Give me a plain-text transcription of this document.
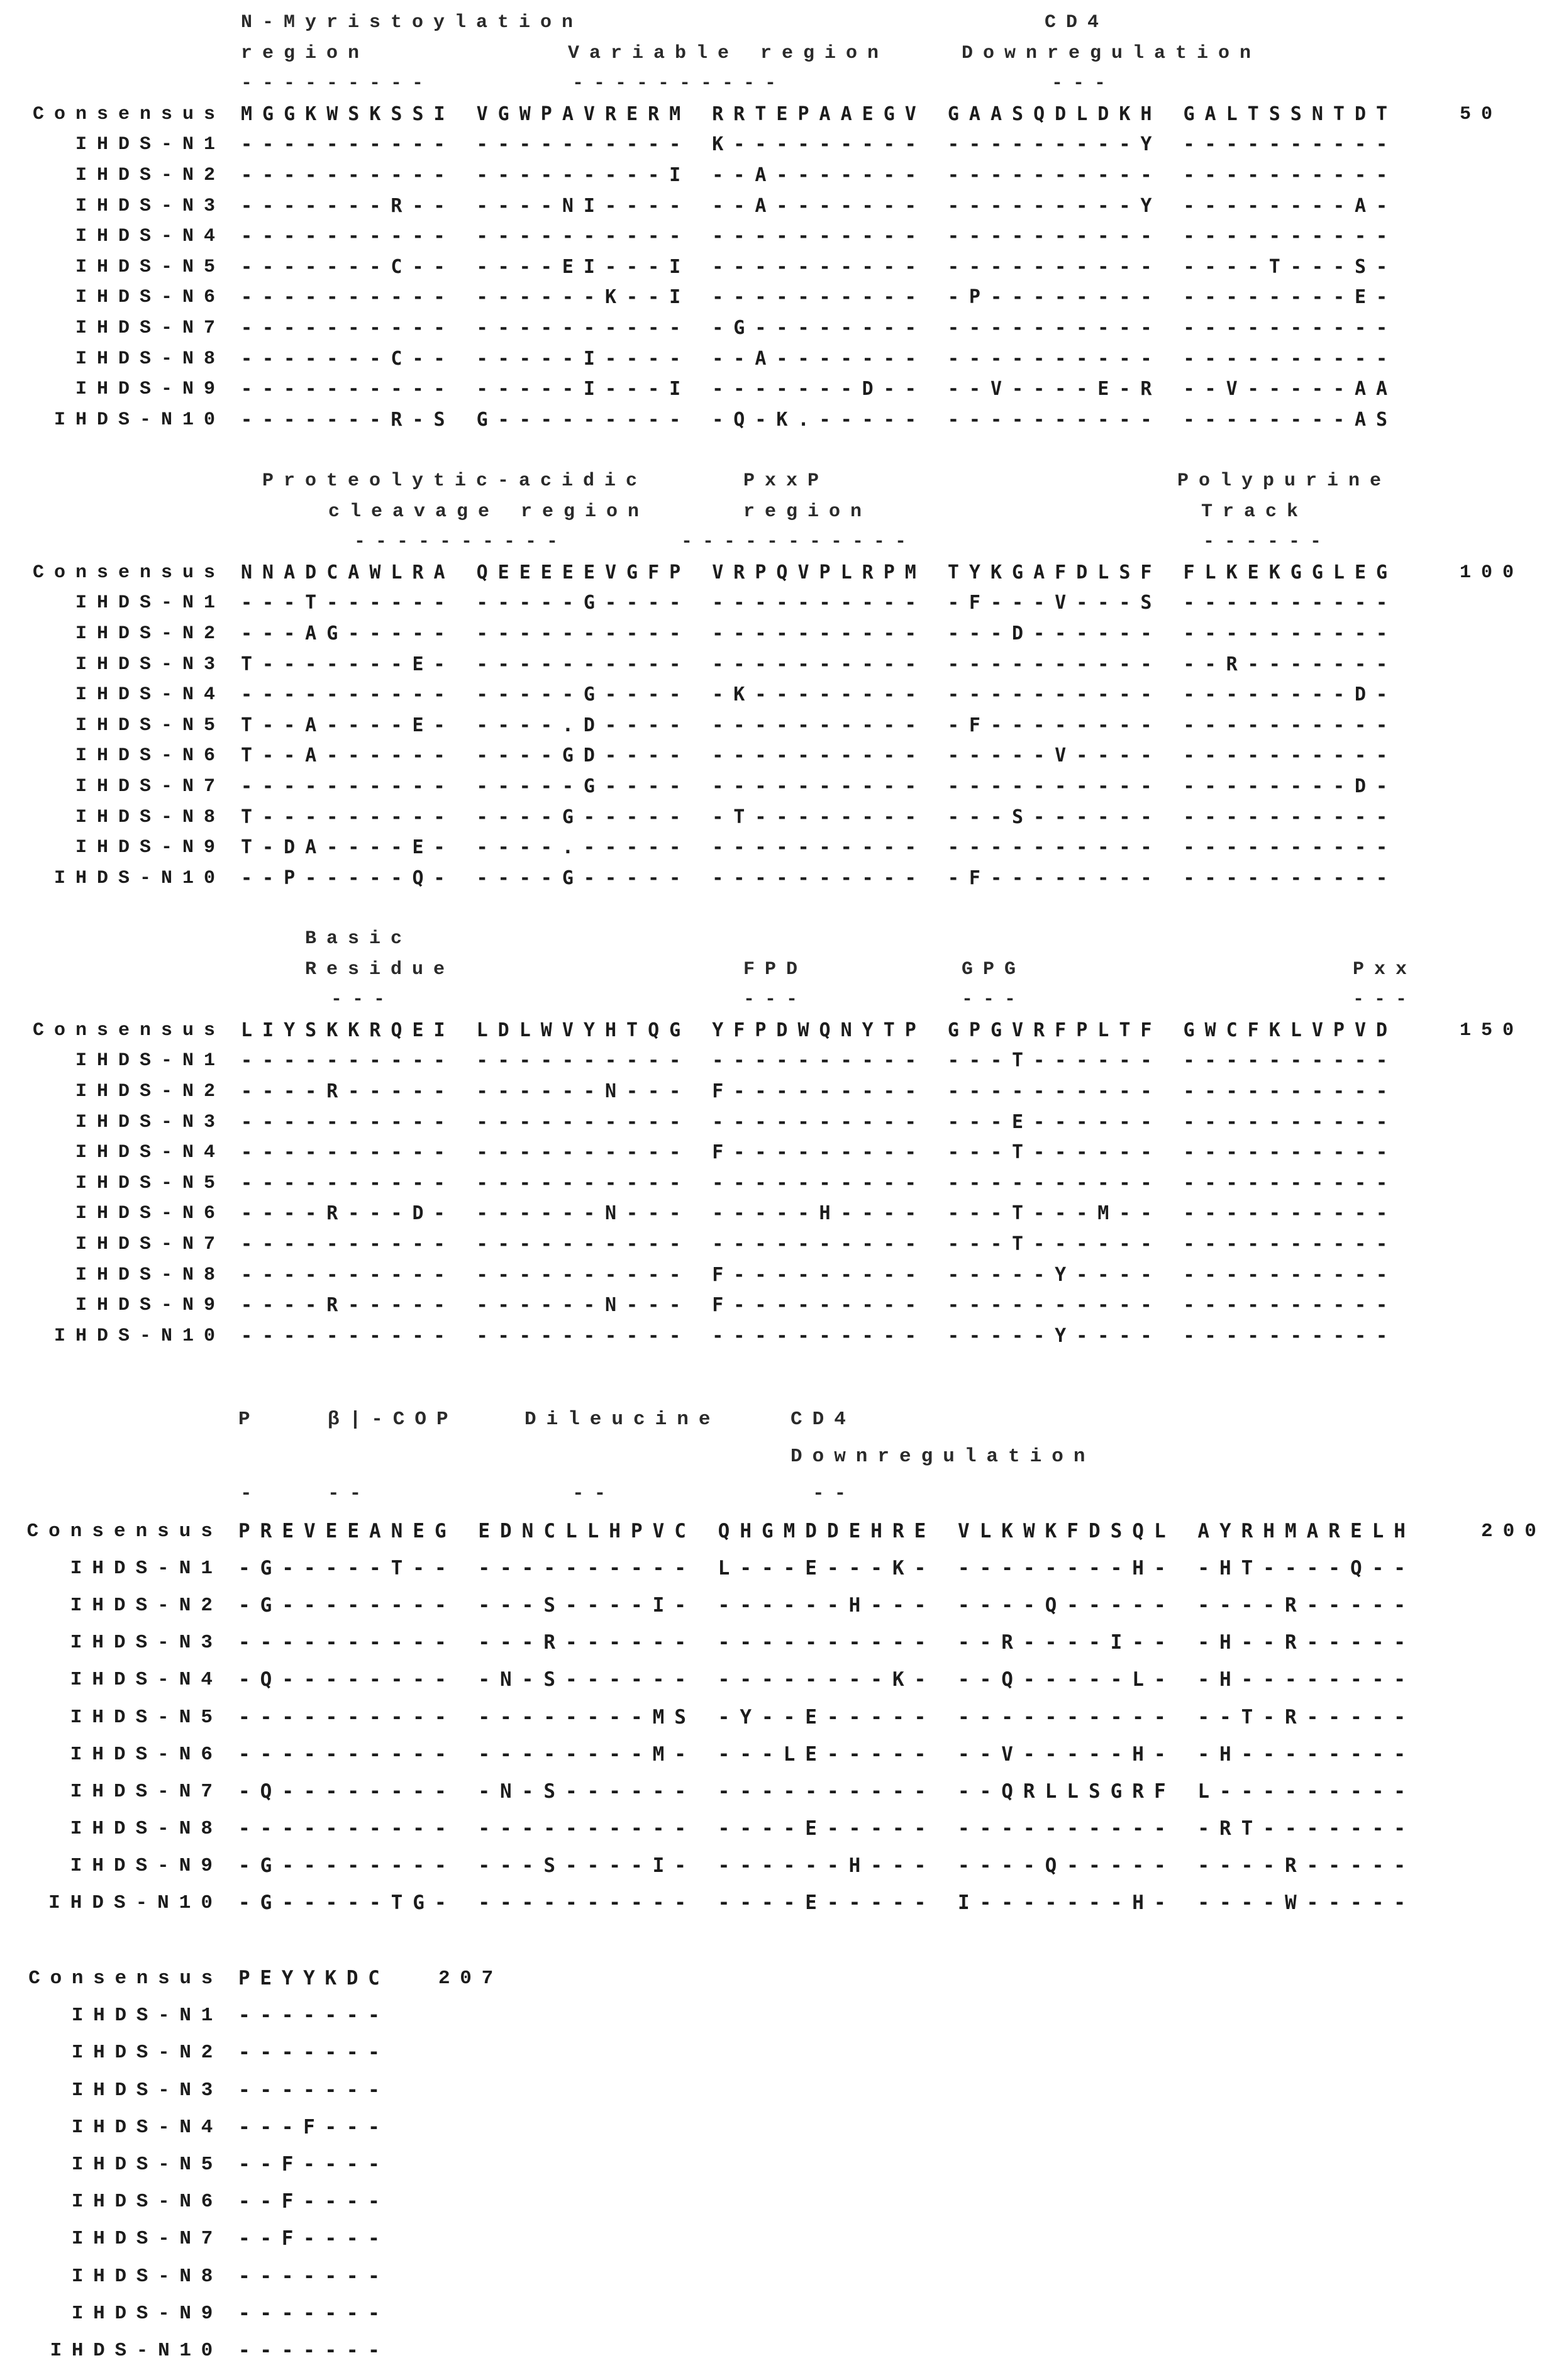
N-Myristoylation

	CD4

region

	Variable region

	Downregulation

---------

	----------

	---

Consensus MGGKWSKSSI VGWPAVRERM RRTEPAAEGV GAASQDLDKH GALTSSNTDT	50
IHDS-N1 ---------- ---------- K--------- ---------Y ----------
IHDS-N2 ---------- ---------I --A------- ---------- ----------
IHDS-N3 -------R-- ----NI---- --A------- ---------Y --------A-
IHDS-N4 ---------- ---------- ---------- ---------- ----------
IHDS-N5 -------C-- ----EI---I ---------- ---------- ----T---S-
IHDS-N6 ---------- ------K--I ---------- -P-------- --------E-
IHDS-N7 ---------- ---------- -G-------- ---------- ----------
IHDS-N8 -------C-- -----I---- --A------- ---------- ----------
IHDS-N9 ---------- -----I---I -------D-- --V----E-R --V-----AA
IHDS-N10 -------R-S G--------- -Q-K.----- ---------- --------AS

Proteolytic-acidic

	PxxP

	Polypurine

cleavage region

	region

	Track

----------

	-----------

	------

Consensus NNADCAWLRA QEEEEEVGFP VRPQVPLRPM TYKGAFDLSF FLKEKGGLEG	100
IHDS-N1 ---T------ -----G---- ---------- -F---V---S ----------
IHDS-N2 ---AG----- ---------- ---------- ---D------ ----------
IHDS-N3 T-------E- ---------- ---------- ---------- --R-------
IHDS-N4 ---------- -----G---- -K-------- ---------- --------D-
IHDS-N5 T--A----E- ----.D---- ---------- -F-------- ----------
IHDS-N6 T--A------ ----GD---- ---------- -----V---- ----------
IHDS-N7 ---------- -----G---- ---------- ---------- --------D-
IHDS-N8 T--------- ----G----- -T-------- ---S------ ----------
IHDS-N9 T-DA----E- ----.----- ---------- ---------- ----------
IHDS-N10 --P-----Q- ----G----- ---------- -F-------- ----------

Basic

Residue

	FPD

	GPG

	Pxx

---

	---

	---

	---

Consensus LIYSKKRQEI LDLWVYHTQG YFPDWQNYTP GPGVRFPLTF GWCFKLVPVD	150
IHDS-N1 ---------- ---------- ---------- ---T------ ----------
IHDS-N2 ----R----- ------N--- F--------- ---------- ----------
IHDS-N3 ---------- ---------- ---------- ---E------ ----------
IHDS-N4 ---------- ---------- F--------- ---T------ ----------
IHDS-N5 ---------- ---------- ---------- ---------- ----------
IHDS-N6 ----R---D- ------N--- -----H---- ---T---M-- ----------
IHDS-N7 ---------- ---------- ---------- ---T------ ----------
IHDS-N8 ---------- ---------- F--------- -----Y---- ----------
IHDS-N9 ----R----- ------N--- F--------- ---------- ----------
IHDS-N10 ---------- ---------- ---------- -----Y---- ----------

P

	β|-COP

	Dileucine

	CD4

Downregulation

-

	--

	--

	--

Consensus PREVEEANEG EDNCLLHPVC QHGMDDEHRE VLKWKFDSQL AYRHMARELH	200
IHDS-N1 -G-----T-- ---------- L---E---K- --------H- -HT----Q--
IHDS-N2 -G-------- ---S----I- ------H--- ----Q----- ----R-----
IHDS-N3 ---------- ---R------ ---------- --R----I-- -H--R-----
IHDS-N4 -Q-------- -N-S------ --------K- --Q-----L- -H--------
IHDS-N5 ---------- --------MS -Y--E----- ---------- --T-R-----
IHDS-N6 ---------- --------M- ---LE----- --V-----H- -H--------
IHDS-N7 -Q-------- -N-S------ ---------- --QRLLSGRF L---------
IHDS-N8 ---------- ---------- ----E----- ---------- -RT-------
IHDS-N9 -G-------- ---S----I- ------H--- ----Q----- ----R-----
IHDS-N10 -G-----TG- ---------- ----E----- I-------H- ----W-----
Consensus PEYYKDC 207
IHDS-N1 -------
IHDS-N2 -------
IHDS-N3 -------
IHDS-N4 ---F---
IHDS-N5 --F----
IHDS-N6 --F----
IHDS-N7 --F----
IHDS-N8 -------
IHDS-N9 -------
IHDS-N10 -------
